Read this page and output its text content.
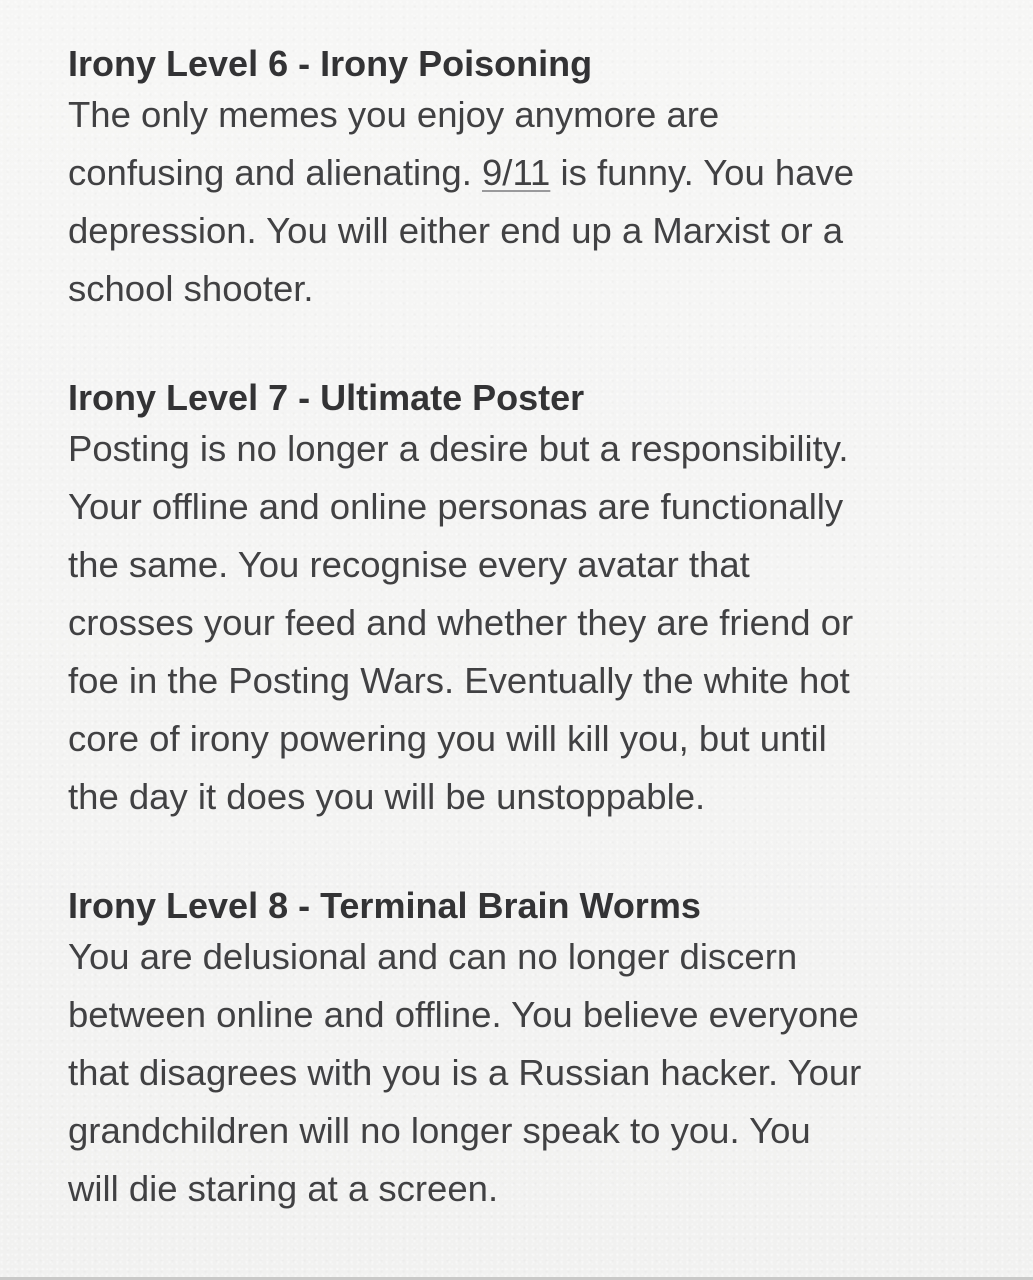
Irony Level 6 - Irony Poisoning
The only memes you enjoy anymore are
confusing and alienating. 9/11 is funny. You have
depression. You will either end up a Marxist or a
school shooter.
Irony Level 7 - Ultimate Poster
Posting is no longer a desire but a responsibility.
Your offline and online personas are functionally
the same. You recognise every avatar that
crosses your feed and whether they are friend or
foe in the Posting Wars. Eventually the white hot
core of irony powering you will kill you, but until
the day it does you will be unstoppable.
Irony Level 8 - Terminal Brain Worms
You are delusional and can no longer discern
between online and offline. You believe everyone
that disagrees with you is a Russian hacker. Your
grandchildren will no longer speak to you. You
will die staring at a screen.
